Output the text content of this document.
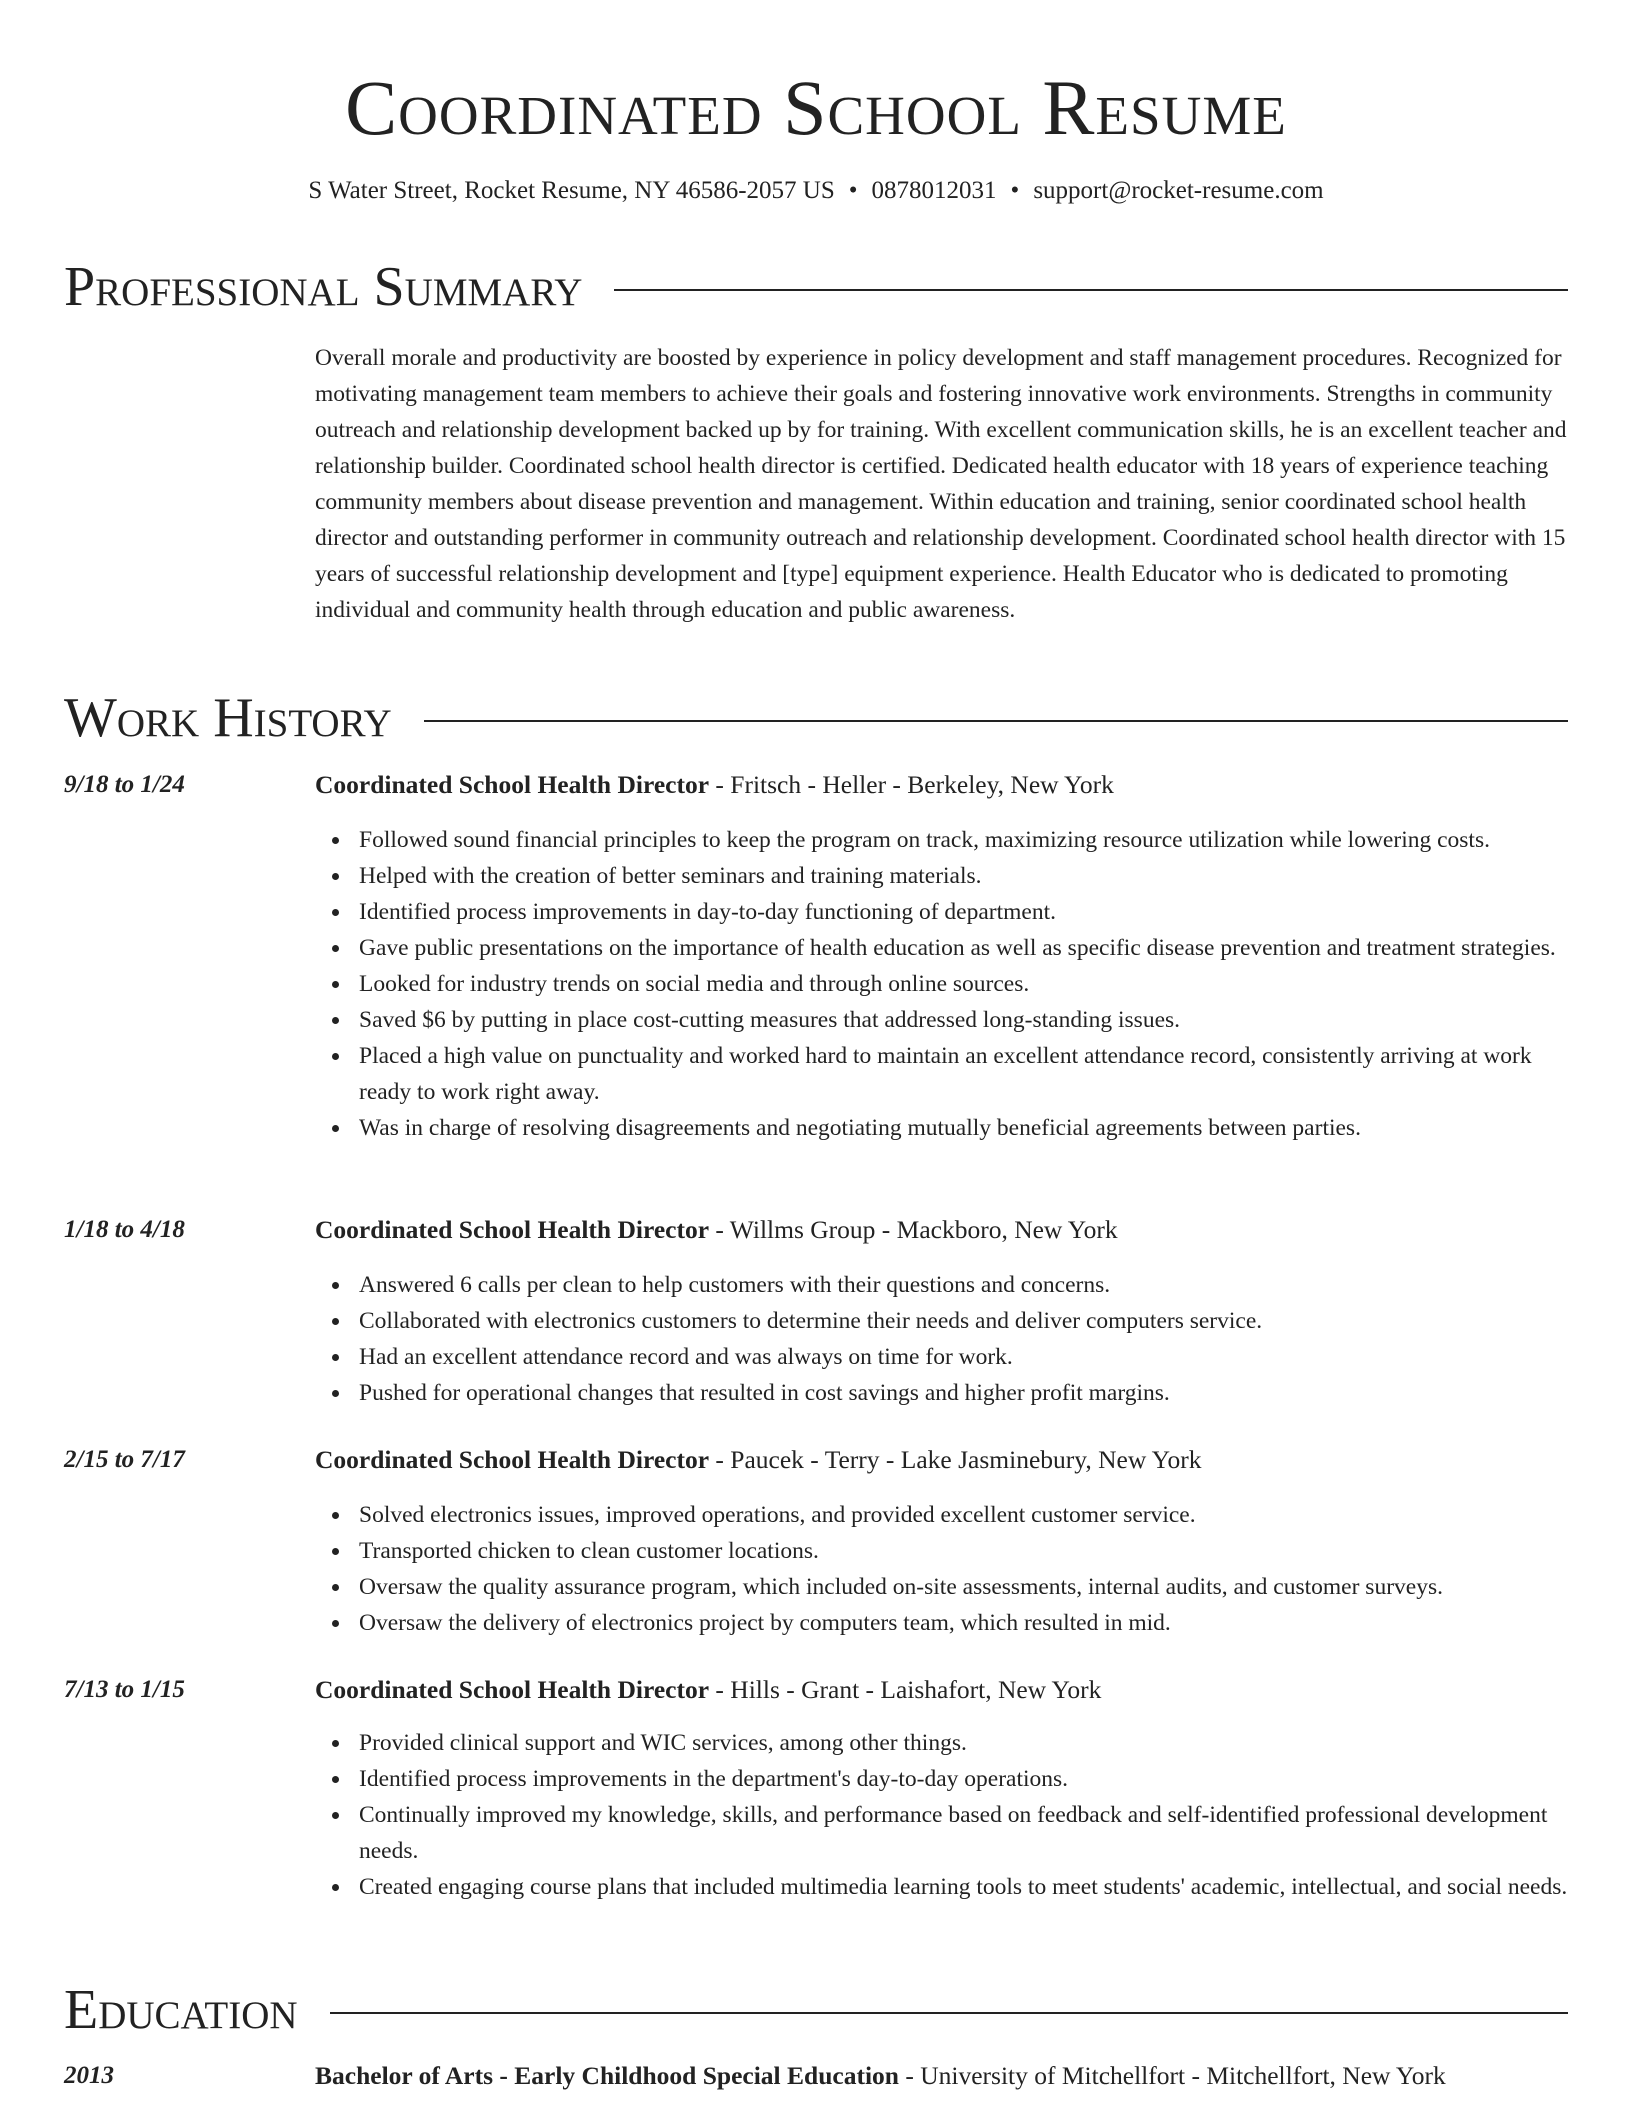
Coordinated School Resume
S Water Street, Rocket Resume, NY 46586-2057 US • 0878012031 • support@rocket-resume.com
Professional Summary
Overall morale and productivity are boosted by experience in policy development and staff management procedures. Recognized for motivating management team members to achieve their goals and fostering innovative work environments. Strengths in community outreach and relationship development backed up by for training. With excellent communication skills, he is an excellent teacher and relationship builder. Coordinated school health director is certified. Dedicated health educator with 18 years of experience teaching community members about disease prevention and management. Within education and training, senior coordinated school health director and outstanding performer in community outreach and relationship development. Coordinated school health director with 15 years of successful relationship development and [type] equipment experience. Health Educator who is dedicated to promoting individual and community health through education and public awareness.
Work History
9/18 to 1/24	Coordinated School Health Director - Fritsch - Heller - Berkeley, New York
Followed sound financial principles to keep the program on track, maximizing resource utilization while lowering costs.
Helped with the creation of better seminars and training materials.
Identified process improvements in day-to-day functioning of department.
Gave public presentations on the importance of health education as well as specific disease prevention and treatment strategies.
Looked for industry trends on social media and through online sources.
Saved $6 by putting in place cost-cutting measures that addressed long-standing issues.
Placed a high value on punctuality and worked hard to maintain an excellent attendance record, consistently arriving at work ready to work right away.
Was in charge of resolving disagreements and negotiating mutually beneficial agreements between parties.
1/18 to 4/18	Coordinated School Health Director - Willms Group - Mackboro, New York
Answered 6 calls per clean to help customers with their questions and concerns.
Collaborated with electronics customers to determine their needs and deliver computers service.
Had an excellent attendance record and was always on time for work.
Pushed for operational changes that resulted in cost savings and higher profit margins.
2/15 to 7/17	Coordinated School Health Director - Paucek - Terry - Lake Jasminebury, New York
Solved electronics issues, improved operations, and provided excellent customer service.
Transported chicken to clean customer locations.
Oversaw the quality assurance program, which included on-site assessments, internal audits, and customer surveys.
Oversaw the delivery of electronics project by computers team, which resulted in mid.
7/13 to 1/15	Coordinated School Health Director - Hills - Grant - Laishafort, New York
Provided clinical support and WIC services, among other things.
Identified process improvements in the department's day-to-day operations.
Continually improved my knowledge, skills, and performance based on feedback and self-identified professional development needs.
Created engaging course plans that included multimedia learning tools to meet students' academic, intellectual, and social needs.
Education
2013	Bachelor of Arts - Early Childhood Special Education - University of Mitchellfort - Mitchellfort, New York
